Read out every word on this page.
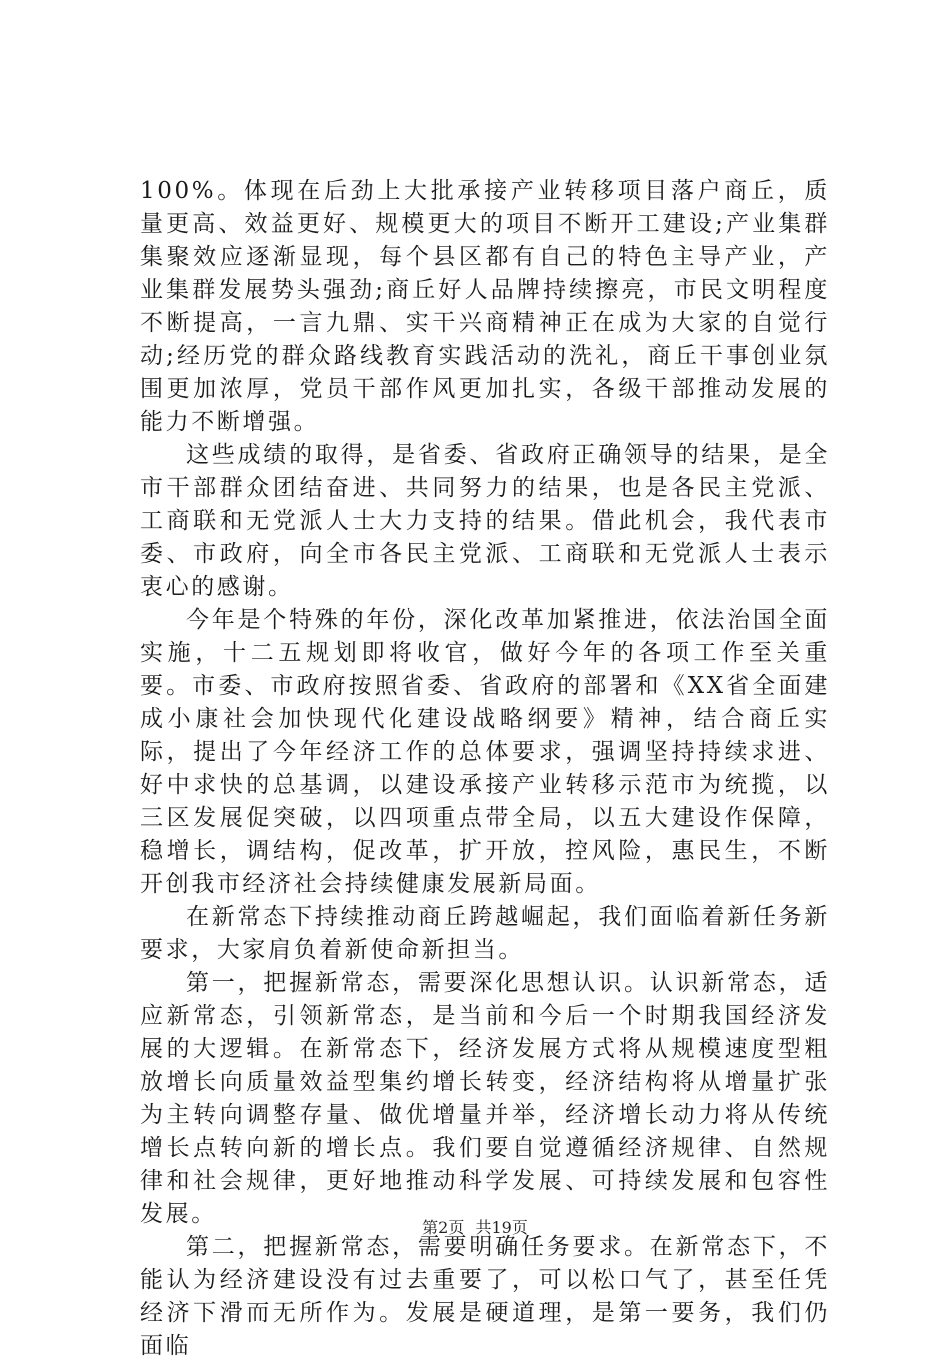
100%。体现在后劲上大批承接产业转移项目落户商丘，质量更高、效益更好、规模更大的项目不断开工建设;产业集群集聚效应逐渐显现，每个县区都有自己的特色主导产业，产业集群发展势头强劲;商丘好人品牌持续擦亮，市民文明程度不断提高，一言九鼎、实干兴商精神正在成为大家的自觉行动;经历党的群众路线教育实践活动的洗礼，商丘干事创业氛围更加浓厚，党员干部作风更加扎实，各级干部推动发展的能力不断增强。

这些成绩的取得，是省委、省政府正确领导的结果，是全市干部群众团结奋进、共同努力的结果，也是各民主党派、工商联和无党派人士大力支持的结果。借此机会，我代表市委、市政府，向全市各民主党派、工商联和无党派人士表示衷心的感谢。

今年是个特殊的年份，深化改革加紧推进，依法治国全面实施，十二五规划即将收官，做好今年的各项工作至关重要。市委、市政府按照省委、省政府的部署和《XX省全面建成小康社会加快现代化建设战略纲要》精神，结合商丘实际，提出了今年经济工作的总体要求，强调坚持持续求进、好中求快的总基调，以建设承接产业转移示范市为统揽，以三区发展促突破，以四项重点带全局，以五大建设作保障，稳增长，调结构，促改革，扩开放，控风险，惠民生，不断开创我市经济社会持续健康发展新局面。

在新常态下持续推动商丘跨越崛起，我们面临着新任务新要求，大家肩负着新使命新担当。

第一，把握新常态，需要深化思想认识。认识新常态，适应新常态，引领新常态，是当前和今后一个时期我国经济发展的大逻辑。在新常态下，经济发展方式将从规模速度型粗放增长向质量效益型集约增长转变，经济结构将从增量扩张为主转向调整存量、做优增量并举，经济增长动力将从传统增长点转向新的增长点。我们要自觉遵循经济规律、自然规律和社会规律，更好地推动科学发展、可持续发展和包容性发展。

第二，把握新常态，需要明确任务要求。在新常态下，不能认为经济建设没有过去重要了，可以松口气了，甚至任凭经济下滑而无所作为。发展是硬道理，是第一要务，我们仍面临

第2页 共19页
